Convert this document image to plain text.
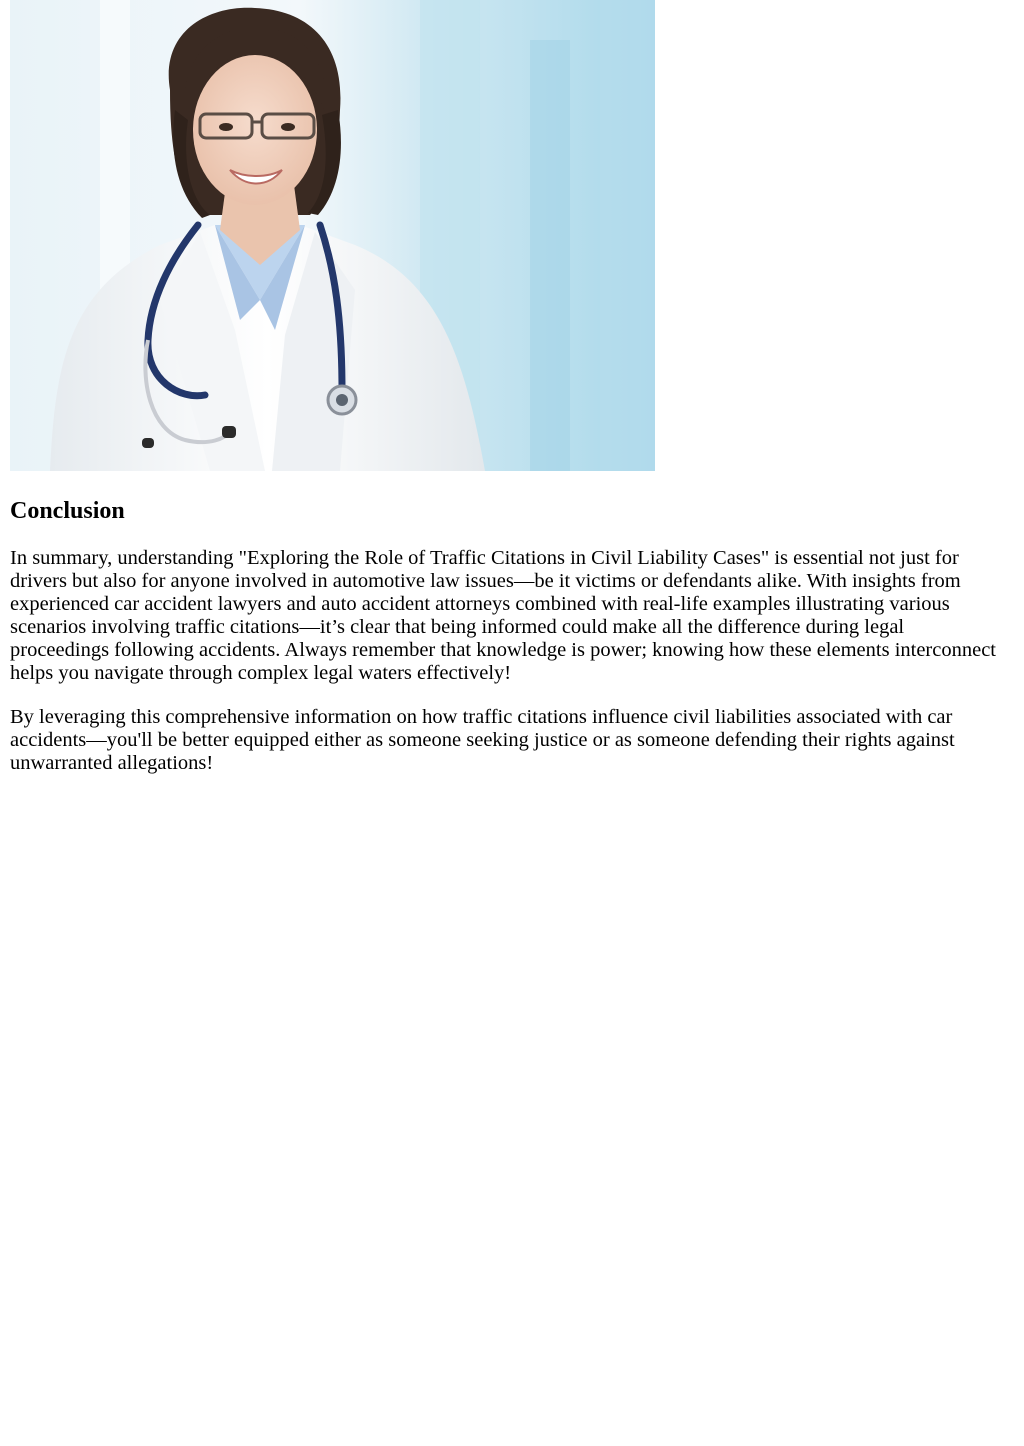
Conclusion

In summary, understanding "Exploring the Role of Traffic Citations in Civil Liability Cases" is essential not just for drivers but also for anyone involved in automotive law issues—be it victims or defendants alike. With insights from experienced car accident lawyers and auto accident attorneys combined with real-life examples illustrating various scenarios involving traffic citations—it’s clear that being informed could make all the difference during legal proceedings following accidents. Always remember that knowledge is power; knowing how these elements interconnect helps you navigate through complex legal waters effectively!

By leveraging this comprehensive information on how traffic citations influence civil liabilities associated with car accidents—you'll be better equipped either as someone seeking justice or as someone defending their rights against unwarranted allegations!
